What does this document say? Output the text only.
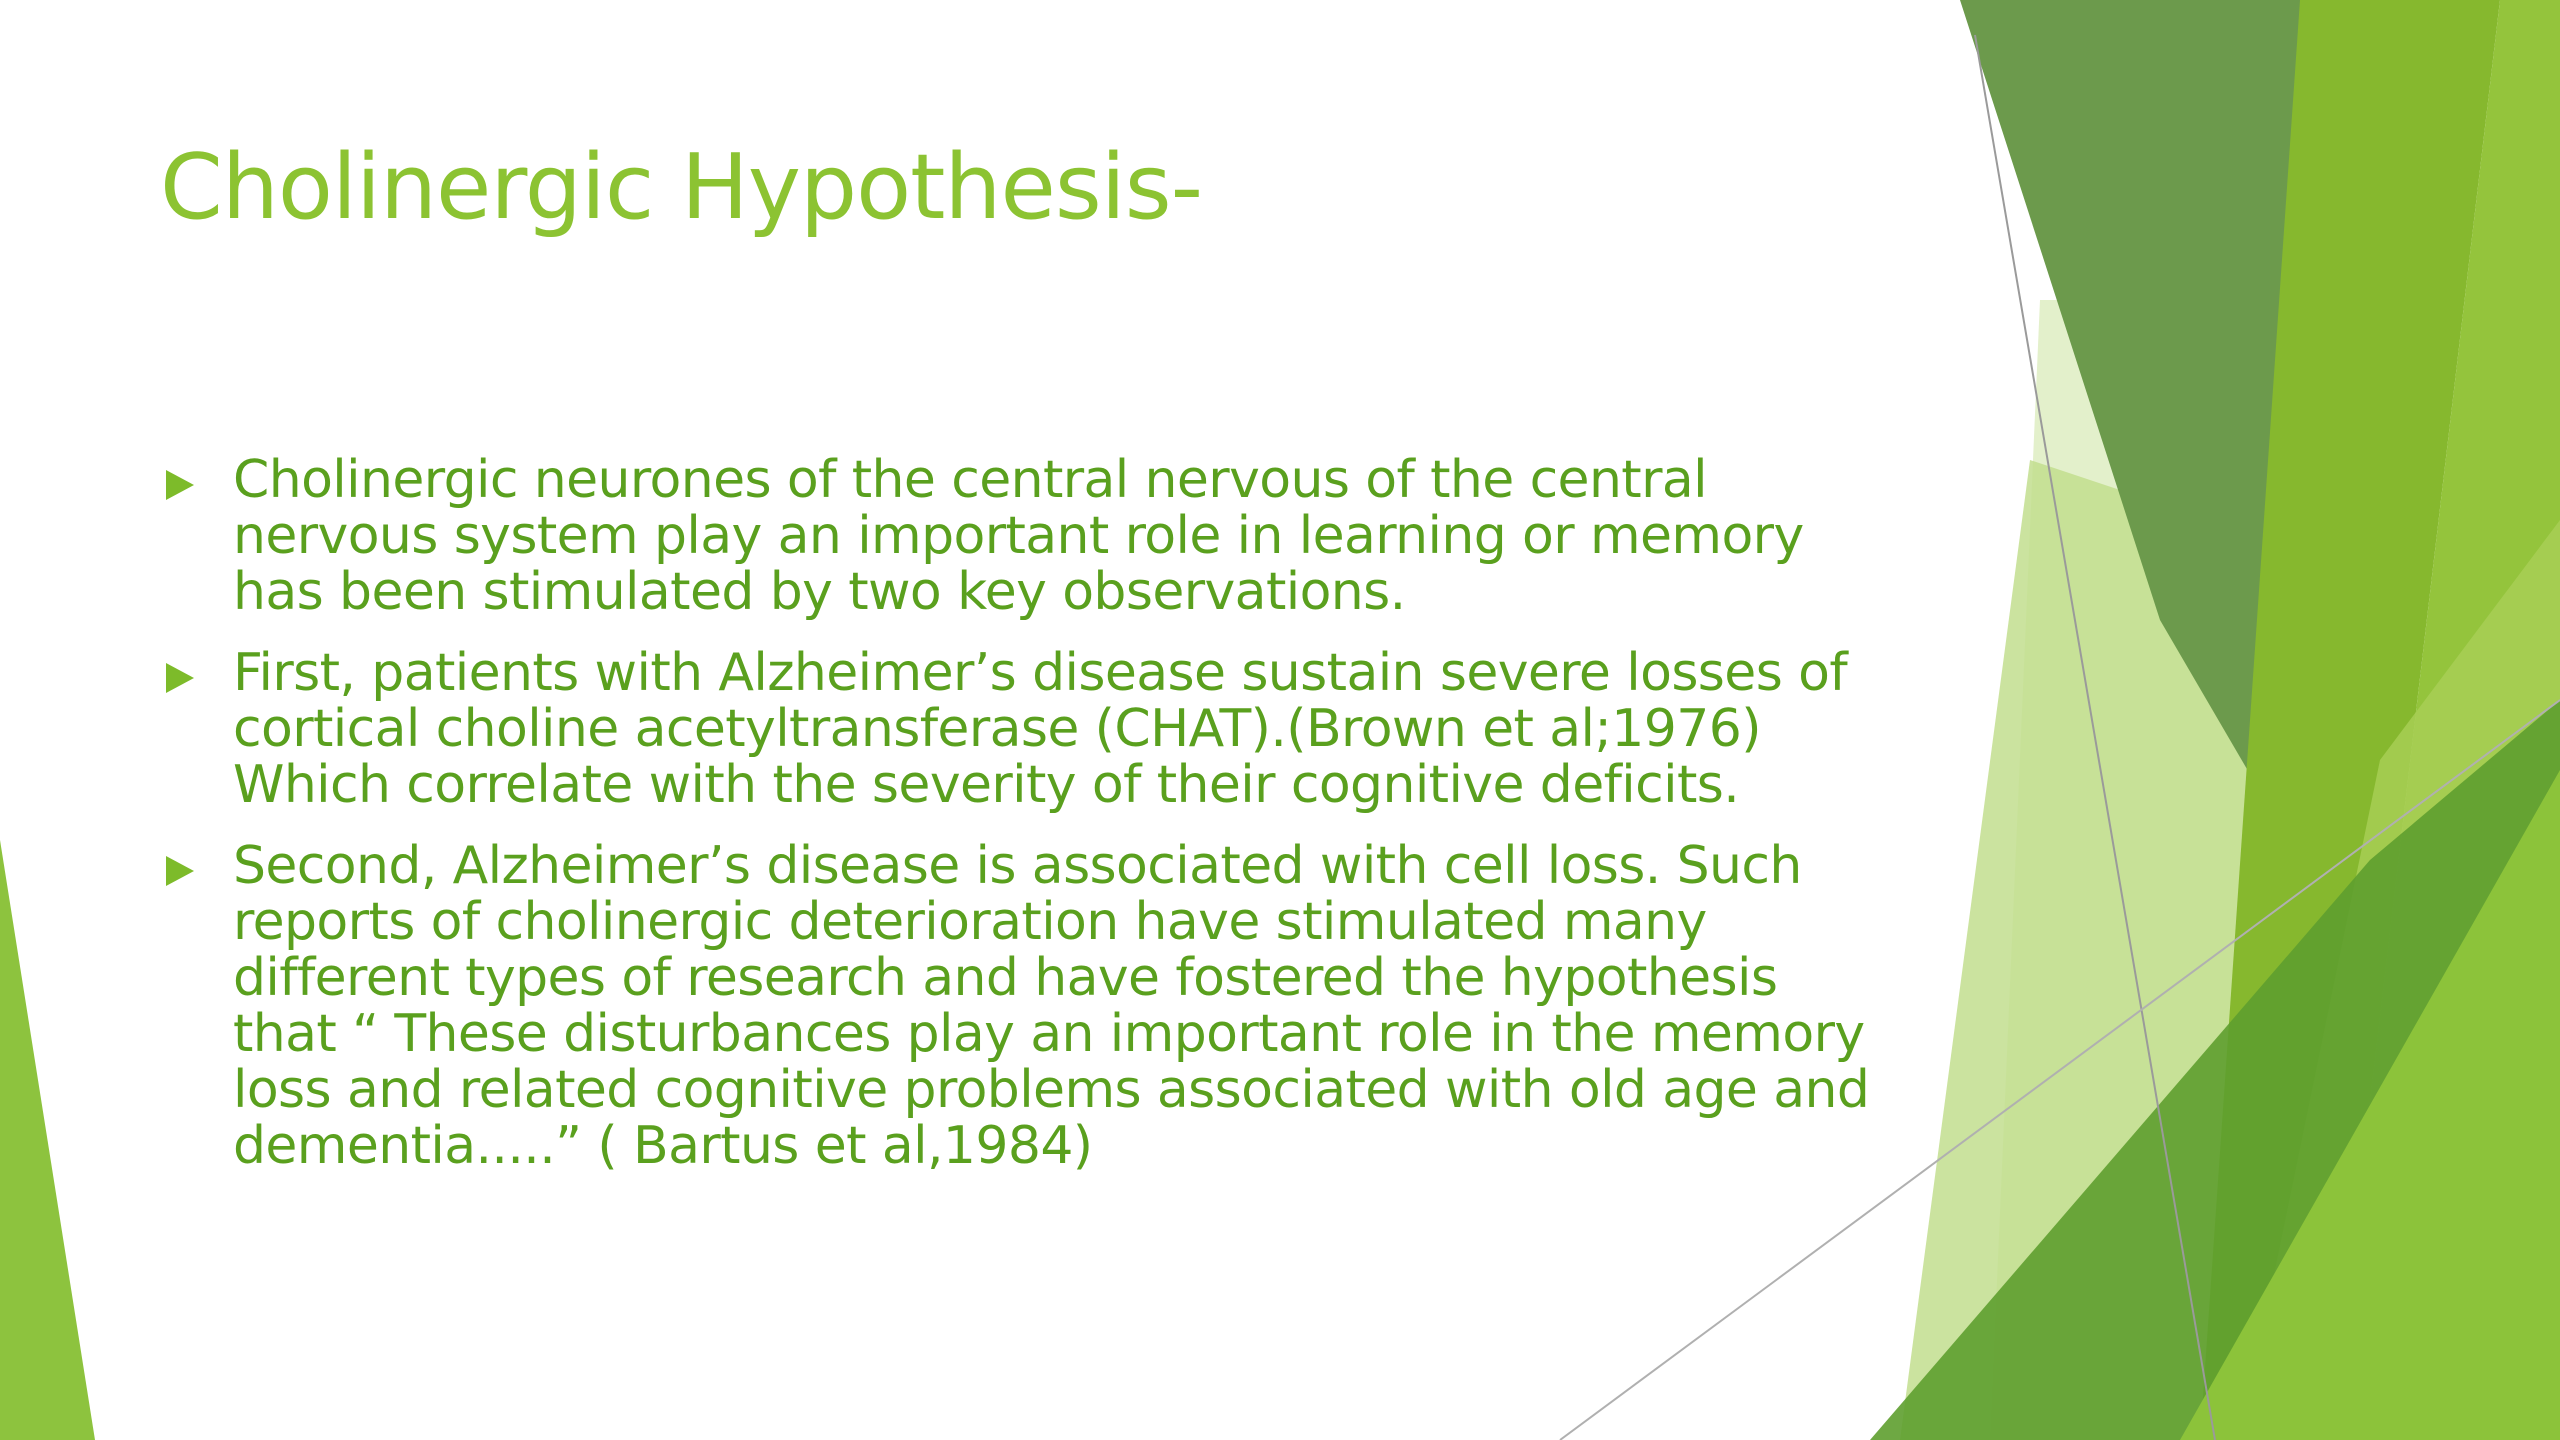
Cholinergic Hypothesis-
Cholinergic neurones of the central nervous of the central
nervous system play an important role in learning or memory
has been stimulated by two key observations.
First, patients with Alzheimer’s disease sustain severe losses of
cortical choline acetyltransferase (CHAT).(Brown et al;1976)
Which correlate with the severity of their cognitive deficits.
Second, Alzheimer’s disease is associated with cell loss. Such
reports of cholinergic deterioration have stimulated many
different types of research and have fostered the hypothesis
that “ These disturbances play an important role in the memory
loss and related cognitive problems associated with old age and
dementia.....” ( Bartus et al,1984)
